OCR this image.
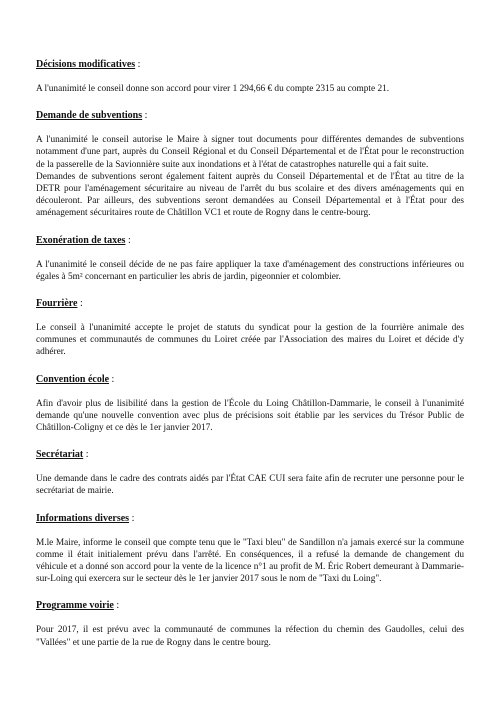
Décisions modificatives :

A l'unanimité le conseil donne son accord pour virer 1 294,66 € du compte 2315 au compte 21.

Demande de subventions :

A l'unanimité le conseil autorise le Maire à signer tout documents pour différentes demandes de subventions notamment d'une part, auprès du Conseil Régional et du Conseil Départemental et de l'État pour le reconstruction de la passerelle de la Savionnière suite aux inondations et à l'état de catastrophes naturelle qui a fait suite.

Demandes de subventions seront également faitent auprès du Conseil Départemental et de l'État au titre de la DETR pour l'aménagement sécuritaire au niveau de l'arrêt du bus scolaire et des divers aménagements qui en découleront. Par ailleurs, des subventions seront demandées au Conseil Départemental et à l'État pour des aménagement sécuritaires route de Châtillon VC1 et route de Rogny dans le centre-bourg.

Exonération de taxes :

A l'unanimité le conseil décide de ne pas faire appliquer la taxe d'aménagement des constructions inférieures ou égales à 5m² concernant en particulier les abris de jardin, pigeonnier et colombier.

Fourrière :

Le conseil à l'unanimité accepte le projet de statuts du syndicat pour la gestion de la fourrière animale des communes et communautés de communes du Loiret créée par l'Association des maires du Loiret et décide d'y adhérer.

Convention école :

Afin d'avoir plus de lisibilité dans la gestion de l'École du Loing Châtillon-Dammarie, le conseil à l'unanimité demande qu'une nouvelle convention avec plus de précisions soit établie par les services du Trésor Public de Châtillon-Coligny et ce dès le 1er janvier 2017.

Secrétariat :

Une demande dans le cadre des contrats aidés par l'État CAE CUI sera faite afin de recruter une personne pour le secrétariat de mairie.

Informations diverses :

M.le Maire, informe le conseil que compte tenu que le "Taxi bleu" de Sandillon n'a jamais exercé sur la commune comme il était initialement prévu dans l'arrêté. En conséquences, il a refusé la demande de changement du véhicule et a donné son accord pour la vente de la licence n°1 au profit de M. Éric Robert demeurant à Dammarie-sur-Loing qui exercera sur le secteur dès le 1er janvier 2017 sous le nom de "Taxi du Loing".

Programme voirie :

Pour 2017, il est prévu avec la communauté de communes la réfection du chemin des Gaudolles, celui des "Vallées" et une partie de la rue de Rogny dans le centre bourg.
